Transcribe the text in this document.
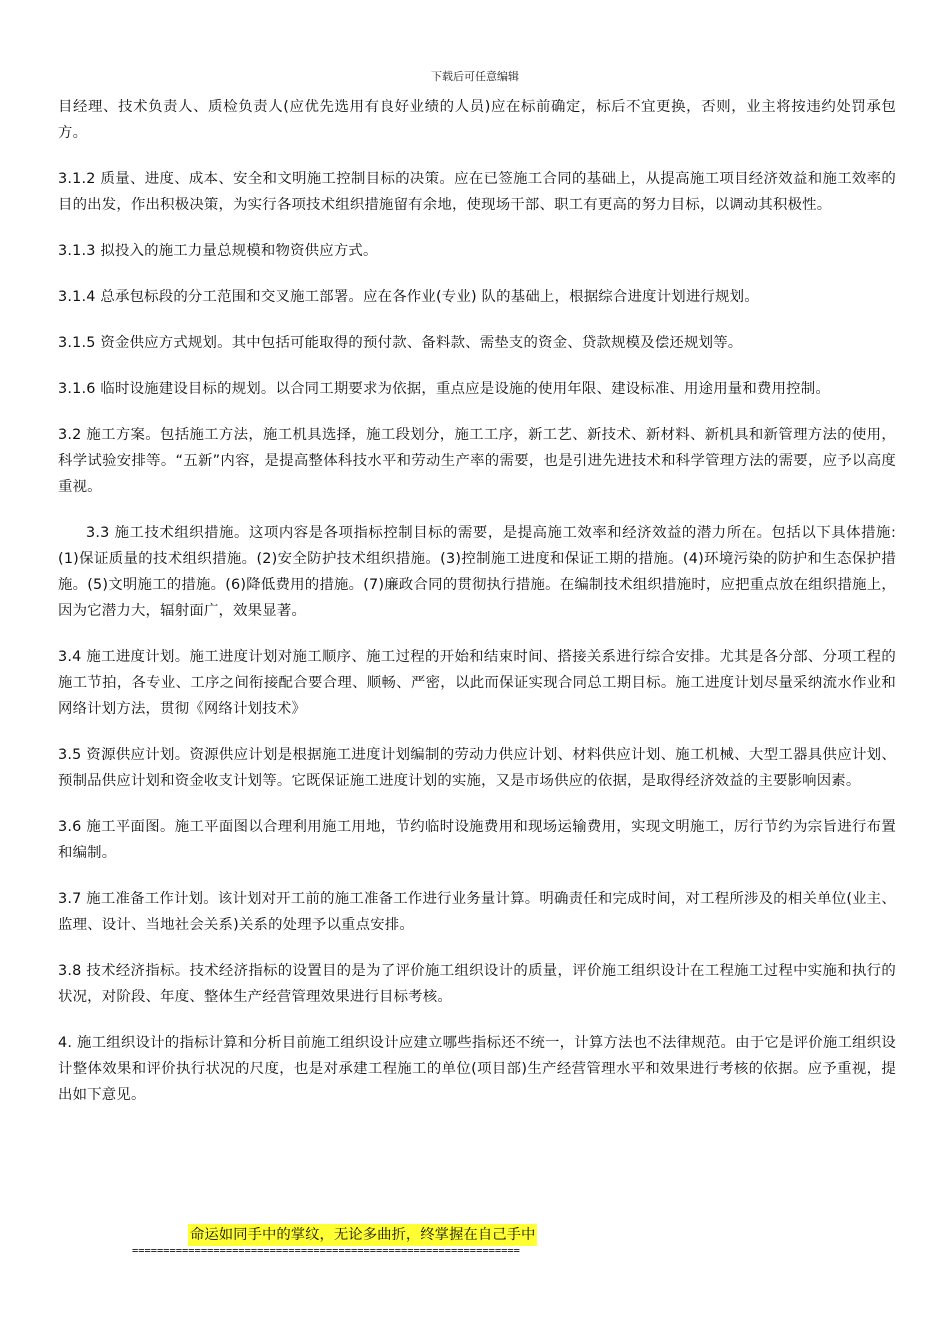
下载后可任意编辑

目经理、技术负责人、质检负责人(应优先选用有良好业绩的人员)应在标前确定，标后不宜更换，否则，业主将按违约处罚承包方。

3.1.2 质量、进度、成本、安全和文明施工控制目标的决策。应在已签施工合同的基础上，从提高施工项目经济效益和施工效率的目的出发，作出积极决策，为实行各项技术组织措施留有余地，使现场干部、职工有更高的努力目标，以调动其积极性。

3.1.3 拟投入的施工力量总规模和物资供应方式。

3.1.4 总承包标段的分工范围和交叉施工部署。应在各作业(专业) 队的基础上，根据综合进度计划进行规划。

3.1.5 资金供应方式规划。其中包括可能取得的预付款、备料款、需垫支的资金、贷款规模及偿还规划等。

3.1.6 临时设施建设目标的规划。以合同工期要求为依据，重点应是设施的使用年限、建设标准、用途用量和费用控制。

3.2 施工方案。包括施工方法，施工机具选择，施工段划分，施工工序，新工艺、新技术、新材料、新机具和新管理方法的使用，科学试验安排等。“五新”内容，是提高整体科技水平和劳动生产率的需要，也是引进先进技术和科学管理方法的需要，应予以高度重视。

3.3 施工技术组织措施。这项内容是各项指标控制目标的需要，是提高施工效率和经济效益的潜力所在。包括以下具体措施:(1)保证质量的技术组织措施。(2)安全防护技术组织措施。(3)控制施工进度和保证工期的措施。(4)环境污染的防护和生态保护措施。(5)文明施工的措施。(6)降低费用的措施。(7)廉政合同的贯彻执行措施。在编制技术组织措施时，应把重点放在组织措施上，因为它潜力大，辐射面广，效果显著。

3.4 施工进度计划。施工进度计划对施工顺序、施工过程的开始和结束时间、搭接关系进行综合安排。尤其是各分部、分项工程的施工节拍，各专业、工序之间衔接配合要合理、顺畅、严密，以此而保证实现合同总工期目标。施工进度计划尽量采纳流水作业和网络计划方法，贯彻《网络计划技术》

3.5 资源供应计划。资源供应计划是根据施工进度计划编制的劳动力供应计划、材料供应计划、施工机械、大型工器具供应计划、预制品供应计划和资金收支计划等。它既保证施工进度计划的实施，又是市场供应的依据，是取得经济效益的主要影响因素。

3.6 施工平面图。施工平面图以合理利用施工用地，节约临时设施费用和现场运输费用，实现文明施工，厉行节约为宗旨进行布置和编制。

3.7 施工准备工作计划。该计划对开工前的施工准备工作进行业务量计算。明确责任和完成时间，对工程所涉及的相关单位(业主、监理、设计、当地社会关系)关系的处理予以重点安排。

3.8 技术经济指标。技术经济指标的设置目的是为了评价施工组织设计的质量，评价施工组织设计在工程施工过程中实施和执行的状况，对阶段、年度、整体生产经营管理效果进行目标考核。

4. 施工组织设计的指标计算和分析目前施工组织设计应建立哪些指标还不统一，计算方法也不法律规范。由于它是评价施工组织设计整体效果和评价执行状况的尺度，也是对承建工程施工的单位(项目部)生产经营管理水平和效果进行考核的依据。应予重视，提出如下意见。

命运如同手中的掌纹，无论多曲折，终掌握在自己手中
==============================================================
